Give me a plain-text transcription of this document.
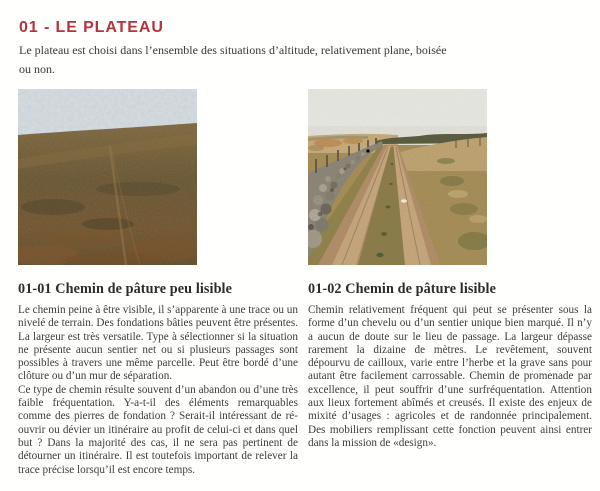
01 - LE PLATEAU

Le plateau est choisi dans l’ensemble des situations d’altitude, relativement plane, boisée ou non.

01-01 Chemin de pâture peu lisible

Le chemin peine à être visible, il s’apparente à une trace ou un nivelé de terrain. Des fondations bâties peuvent être présentes. La largeur est très versatile. Type à sélectionner si la situation ne présente aucun sentier net ou si plusieurs passages sont possibles à travers une même parcelle. Peut être bordé d’une clôture ou d’un mur de séparation.

Ce type de chemin résulte souvent d’un abandon ou d’une très faible fréquentation. Y-a-t-il des éléments remarquables comme des pierres de fondation ? Serait-il intéressant de ré-ouvrir ou dévier un itinéraire au profit de celui-ci et dans quel but ? Dans la majorité des cas, il ne sera pas pertinent de détourner un itinéraire. Il est toutefois important de relever la trace précise lorsqu’il est encore temps.

01-02 Chemin de pâture lisible

Chemin relativement fréquent qui peut se présenter sous la forme d’un chevelu ou d’un sentier unique bien marqué. Il n’y a aucun de doute sur le lieu de passage. La largeur dépasse rarement la dizaine de mètres. Le revêtement, souvent dépourvu de cailloux, varie entre l’herbe et la grave sans pour autant être facilement carrossable. Chemin de promenade par excellence, il peut souffrir d’une surfréquentation. Attention aux lieux fortement abîmés et creusés. Il existe des enjeux de mixité d’usages : agricoles et de randonnée principalement. Des mobiliers remplissant cette fonction peuvent ainsi entrer dans la mission de «design».
